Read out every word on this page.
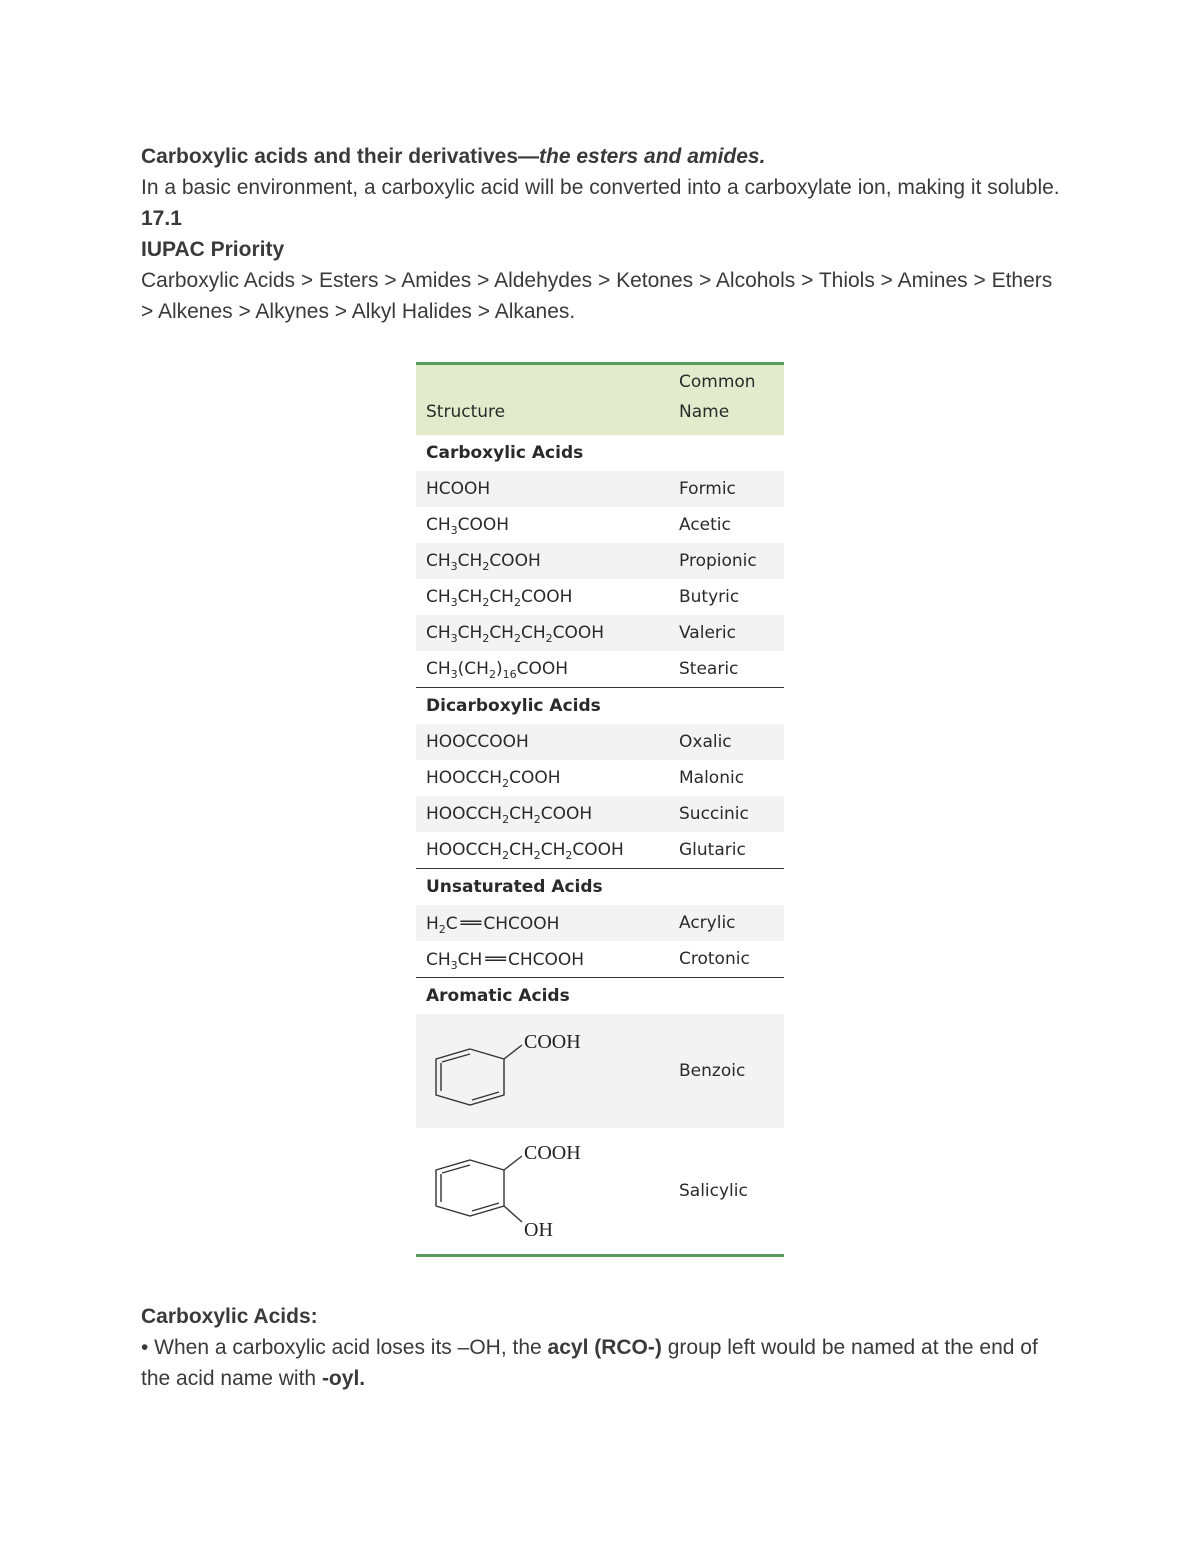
Carboxylic acids and their derivatives—the esters and amides.

In a basic environment, a carboxylic acid will be converted into a carboxylate ion, making it soluble.

17.1

IUPAC Priority

Carboxylic Acids > Esters > Amides > Aldehydes > Ketones > Alcohols > Thiols > Amines > Ethers > Alkenes > Alkynes > Alkyl Halides > Alkanes.

Structure	Common
Name
Carboxylic Acids	
HCOOH	Formic
$CH_3COOH$	Acetic
$CH_3CH_2COOH$	Propionic
$CH_3CH_2CH_2COOH$	Butyric
$CH_3CH_2CH_2CH_2COOH$	Valeric
$CH_3(CH_2)_{16}COOH$	Stearic
Dicarboxylic Acids	
HOOCCOOH	Oxalic
$HOOCCH_2COOH$	Malonic
$HOOCCH_2CH_2COOH$	Succinic
$HOOCCH_2CH_2CH_2COOH$	Glutaric
Unsaturated Acids	
$H_2C$ ══ CHCOOH	Acrylic
$CH_3CH$ ══ CHCOOH	Crotonic
Aromatic Acids	

COOH	Benzoic

COOH
OH	Salicylic

Carboxylic Acids:

• When a carboxylic acid loses its –OH, the acyl (RCO-) group left would be named at the end of the acid name with -oyl.
